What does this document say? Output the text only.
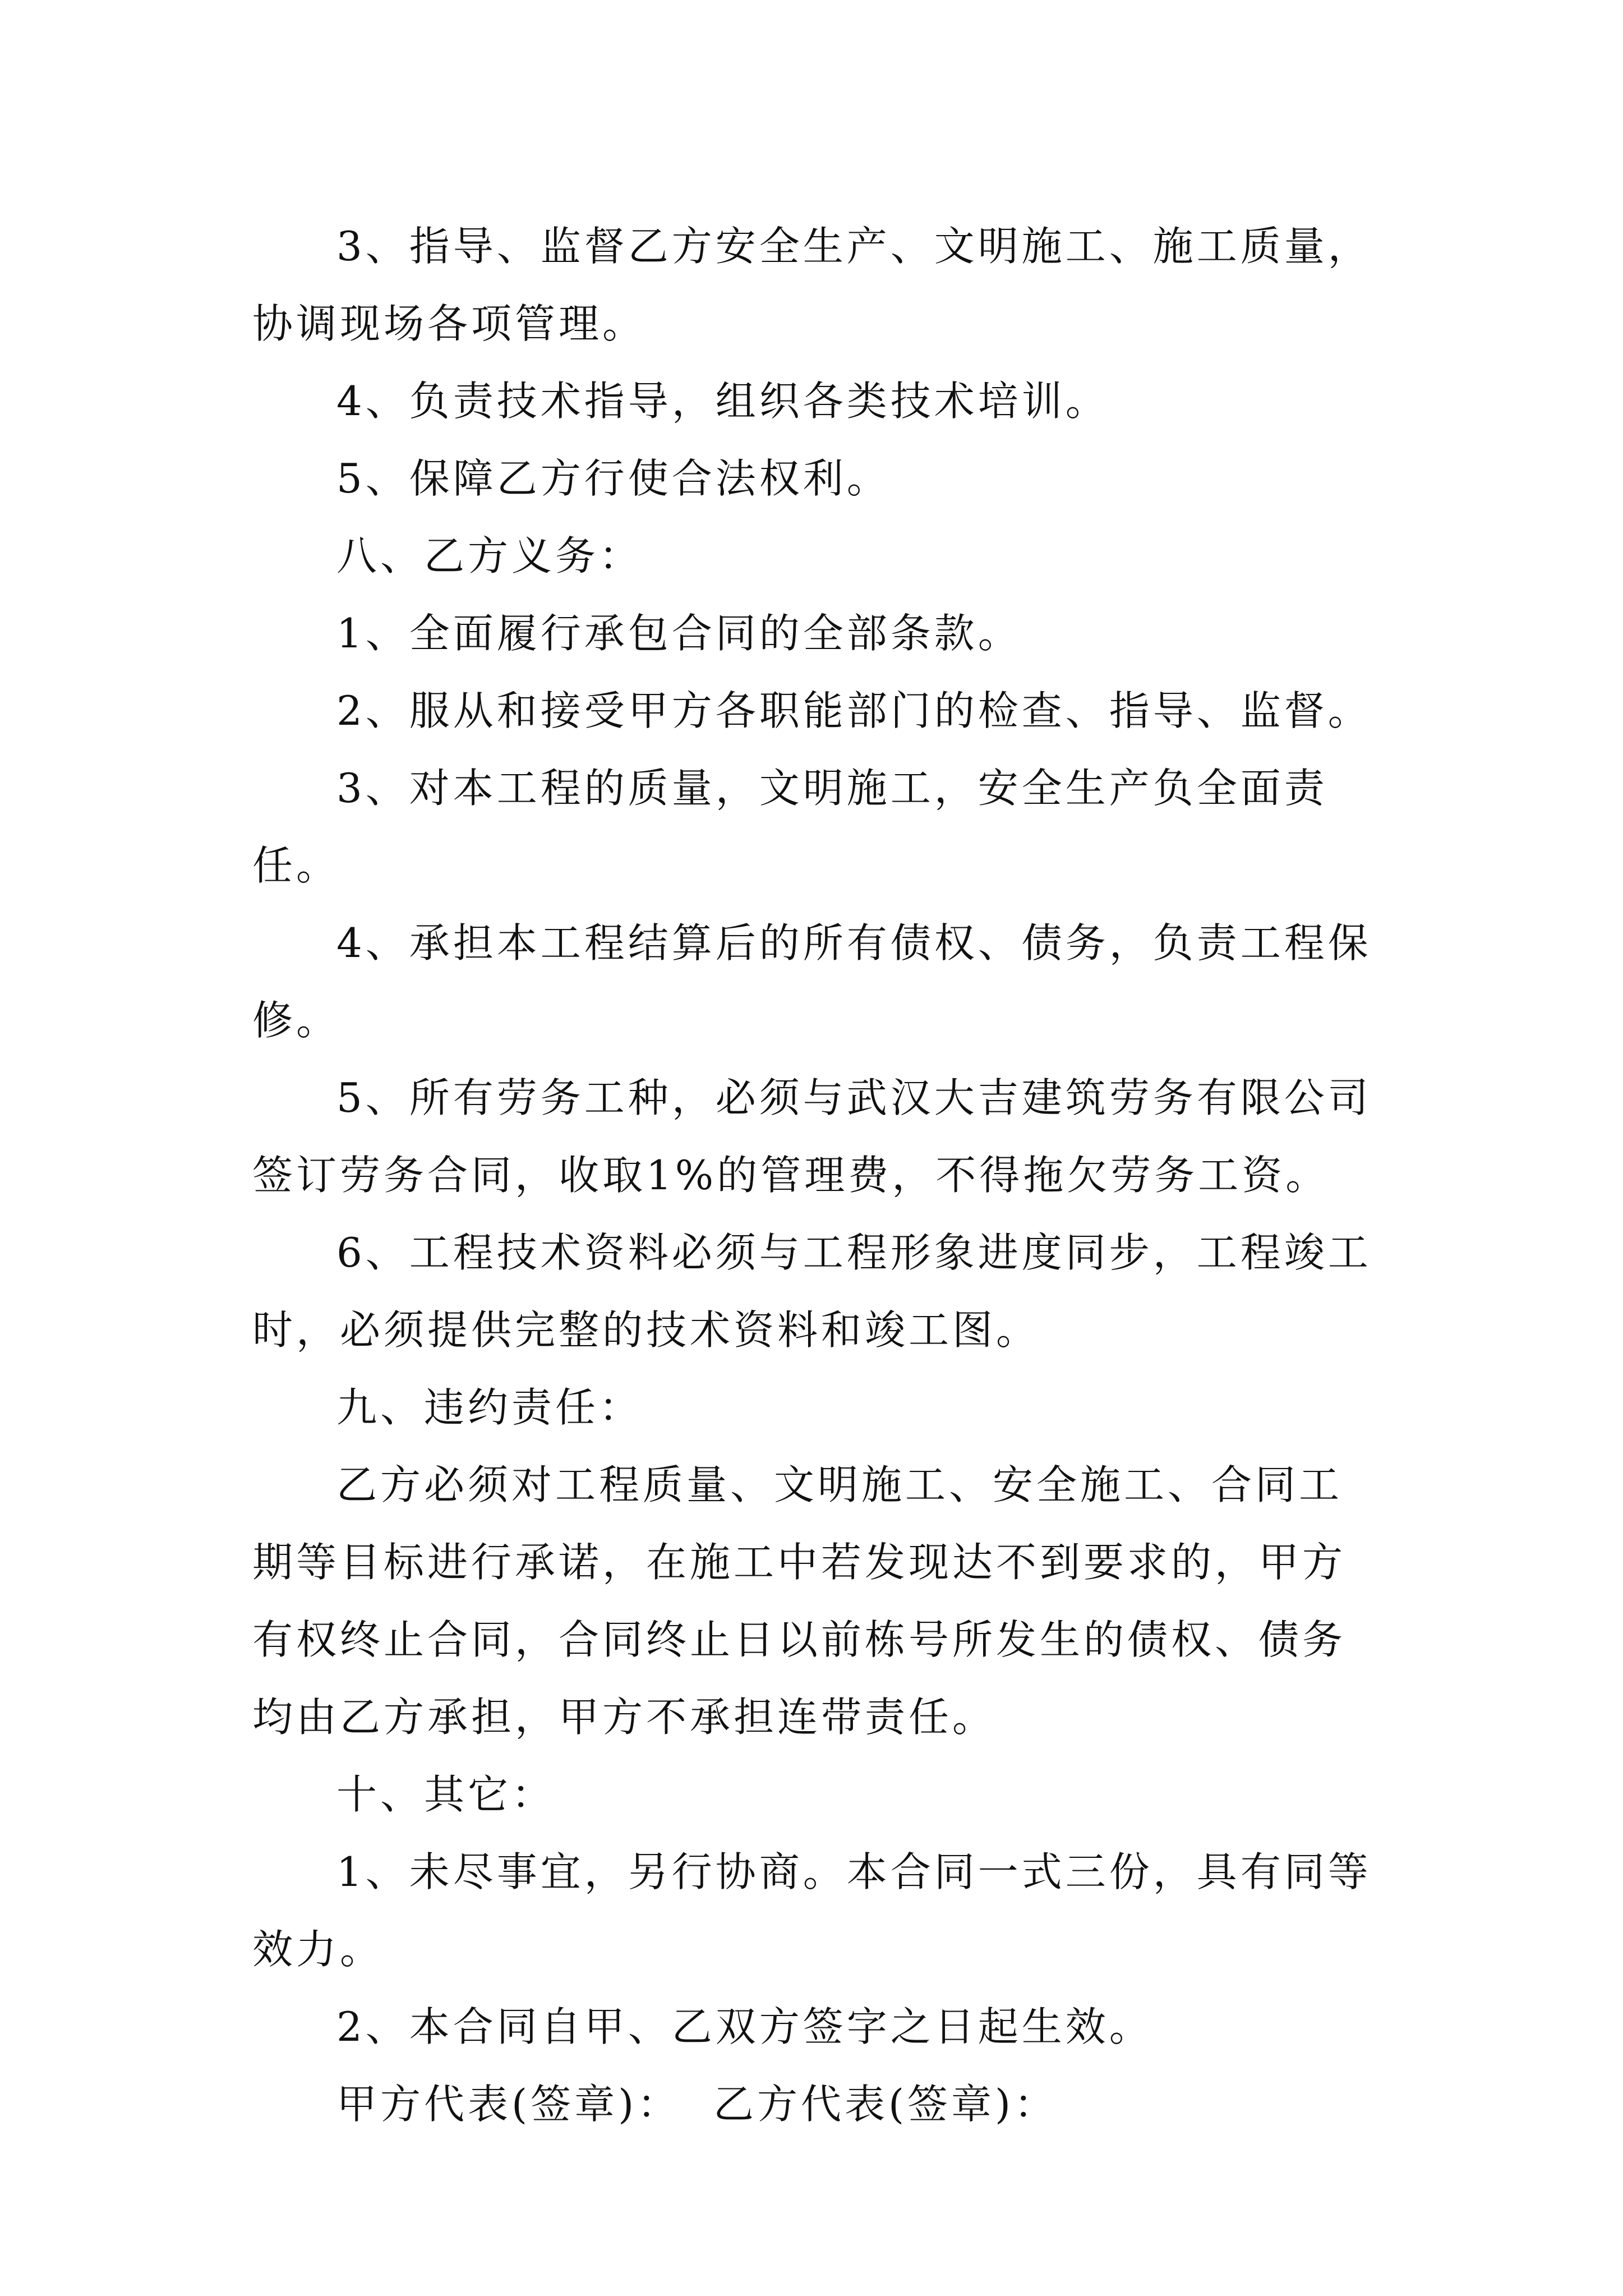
3、指导、监督乙方安全生产、文明施工、施工质量，协调现场各项管理。

4、负责技术指导，组织各类技术培训。

5、保障乙方行使合法权利。

八、乙方义务：

1、全面履行承包合同的全部条款。

2、服从和接受甲方各职能部门的检查、指导、监督。

3、对本工程的质量，文明施工，安全生产负全面责任。

4、承担本工程结算后的所有债权、债务，负责工程保修。

5、所有劳务工种，必须与武汉大吉建筑劳务有限公司签订劳务合同，收取1%的管理费，不得拖欠劳务工资。

6、工程技术资料必须与工程形象进度同步，工程竣工时，必须提供完整的技术资料和竣工图。

九、违约责任：

乙方必须对工程质量、文明施工、安全施工、合同工期等目标进行承诺，在施工中若发现达不到要求的，甲方有权终止合同，合同终止日以前栋号所发生的债权、债务均由乙方承担，甲方不承担连带责任。

十、其它：

1、未尽事宜，另行协商。本合同一式三份，具有同等效力。

2、本合同自甲、乙双方签字之日起生效。

甲方代表(签章)： 乙方代表(签章)：
